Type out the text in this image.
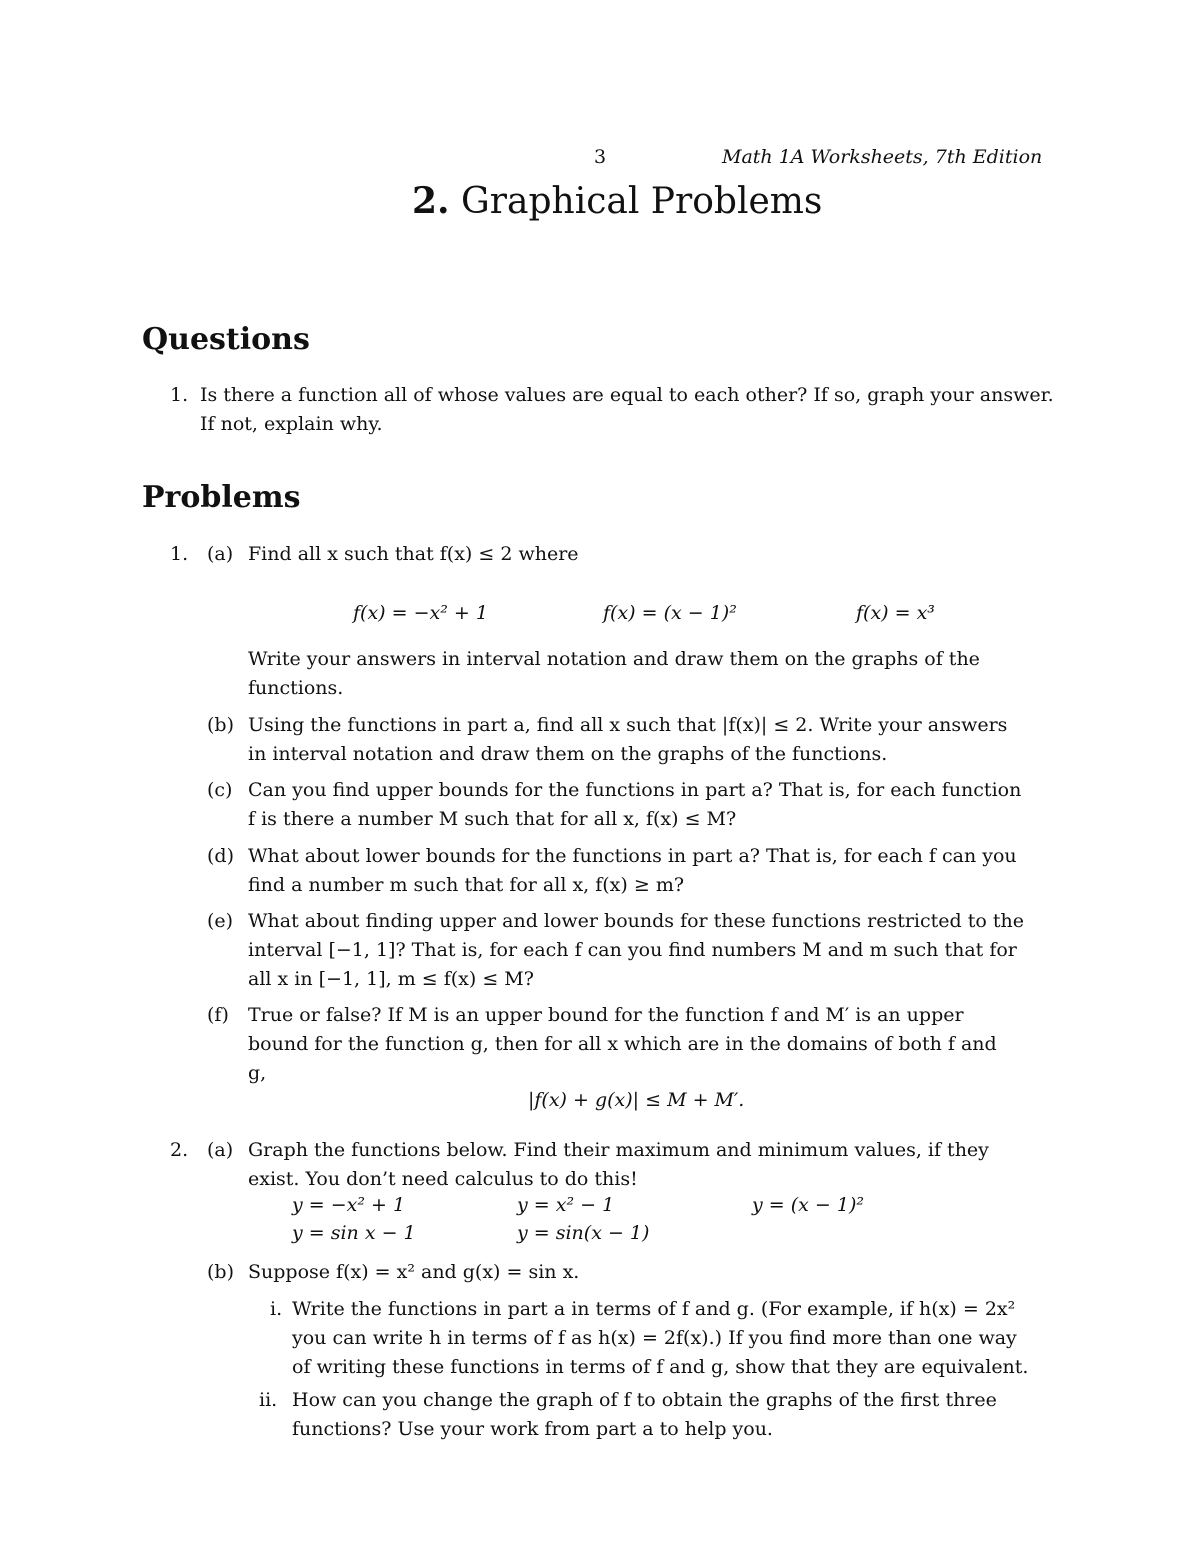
3	Math 1A Worksheets, 7th Edition
2. Graphical Problems
Questions
1. Is there a function all of whose values are equal to each other? If so, graph your answer.
If not, explain why.
Problems
1. (a) Find all x such that f(x) ≤ 2 where
f(x) = −x² + 1	f(x) = (x − 1)²	f(x) = x³
Write your answers in interval notation and draw them on the graphs of the
functions.
(b) Using the functions in part a, find all x such that |f(x)| ≤ 2. Write your answers
in interval notation and draw them on the graphs of the functions.
(c) Can you find upper bounds for the functions in part a? That is, for each function
f is there a number M such that for all x, f(x) ≤ M?
(d) What about lower bounds for the functions in part a? That is, for each f can you
find a number m such that for all x, f(x) ≥ m?
(e) What about finding upper and lower bounds for these functions restricted to the
interval [−1, 1]? That is, for each f can you find numbers M and m such that for
all x in [−1, 1], m ≤ f(x) ≤ M?
(f) True or false? If M is an upper bound for the function f and M′ is an upper
bound for the function g, then for all x which are in the domains of both f and
g,
|f(x) + g(x)| ≤ M + M′.
2. (a) Graph the functions below. Find their maximum and minimum values, if they
exist. You don’t need calculus to do this!
y = −x² + 1	y = x² − 1	y = (x − 1)²
y = sin x − 1	y = sin(x − 1)
(b) Suppose f(x) = x² and g(x) = sin x.
i. Write the functions in part a in terms of f and g. (For example, if h(x) = 2x²
you can write h in terms of f as h(x) = 2f(x).) If you find more than one way
of writing these functions in terms of f and g, show that they are equivalent.
ii. How can you change the graph of f to obtain the graphs of the first three
functions? Use your work from part a to help you.
